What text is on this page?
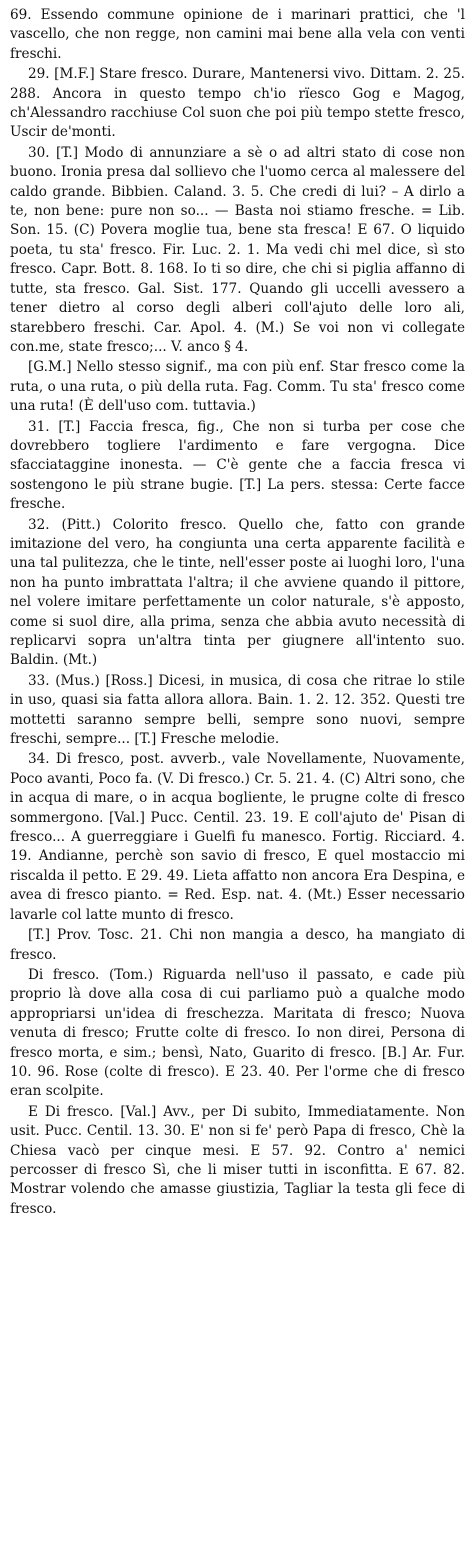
69. Essendo commune opinione de i marinari prattici, che 'l vascello, che non regge, non camini mai bene alla vela con venti freschi.

29. [M.F.] Stare fresco. Durare, Mantenersi vivo. Dittam. 2. 25. 288. Ancora in questo tempo ch'io rïesco Gog e Magog, ch'Alessandro racchiuse Col suon che poi più tempo stette fresco, Uscir de'monti.

30. [T.] Modo di annunziare a sè o ad altri stato di cose non buono. Ironia presa dal sollievo che l'uomo cerca al malessere del caldo grande. Bibbien. Caland. 3. 5. Che credi di lui? – A dirlo a te, non bene: pure non so... — Basta noi stiamo fresche. = Lib. Son. 15. (C) Povera moglie tua, bene sta fresca! E 67. O liquido poeta, tu sta' fresco. Fir. Luc. 2. 1. Ma vedi chi mel dice, sì sto fresco. Capr. Bott. 8. 168. Io ti so dire, che chi si piglia affanno di tutte, sta fresco. Gal. Sist. 177. Quando gli uccelli avessero a tener dietro al corso degli alberi coll'ajuto delle loro ali, starebbero freschi. Car. Apol. 4. (M.) Se voi non vi collegate con.me, state fresco;... V. anco § 4.

[G.M.] Nello stesso signif., ma con più enf. Star fresco come la ruta, o una ruta, o più della ruta. Fag. Comm. Tu sta' fresco come una ruta! (È dell'uso com. tuttavia.)

31. [T.] Faccia fresca, fig., Che non si turba per cose che dovrebbero togliere l'ardimento e fare vergogna. Dice sfacciataggine inonesta. — C'è gente che a faccia fresca vi sostengono le più strane bugie. [T.] La pers. stessa: Certe facce fresche.

32. (Pitt.) Colorito fresco. Quello che, fatto con grande imitazione del vero, ha congiunta una certa apparente facilità e una tal pulitezza, che le tinte, nell'esser poste ai luoghi loro, l'una non ha punto imbrattata l'altra; il che avviene quando il pittore, nel volere imitare perfettamente un color naturale, s'è apposto, come si suol dire, alla prima, senza che abbia avuto necessità di replicarvi sopra un'altra tinta per giugnere all'intento suo. Baldin. (Mt.)

33. (Mus.) [Ross.] Dicesi, in musica, di cosa che ritrae lo stile in uso, quasi sia fatta allora allora. Bain. 1. 2. 12. 352. Questi tre mottetti saranno sempre belli, sempre sono nuovi, sempre freschi, sempre... [T.] Fresche melodie.

34. Di fresco, post. avverb., vale Novellamente, Nuovamente, Poco avanti, Poco fa. (V. Di fresco.) Cr. 5. 21. 4. (C) Altri sono, che in acqua di mare, o in acqua bogliente, le prugne colte di fresco sommergono. [Val.] Pucc. Centil. 23. 19. E coll'ajuto de' Pisan di fresco... A guerreggiare i Guelfi fu manesco. Fortig. Ricciard. 4. 19. Andianne, perchè son savio di fresco, E quel mostaccio mi riscalda il petto. E 29. 49. Lieta affatto non ancora Era Despina, e avea di fresco pianto. = Red. Esp. nat. 4. (Mt.) Esser necessario lavarle col latte munto di fresco.

[T.] Prov. Tosc. 21. Chi non mangia a desco, ha mangiato di fresco.

Di fresco. (Tom.) Riguarda nell'uso il passato, e cade più proprio là dove alla cosa di cui parliamo può a qualche modo appropriarsi un'idea di freschezza. Maritata di fresco; Nuova venuta di fresco; Frutte colte di fresco. Io non direi, Persona di fresco morta, e sim.; bensì, Nato, Guarito di fresco. [B.] Ar. Fur. 10. 96. Rose (colte di fresco). E 23. 40. Per l'orme che di fresco eran scolpite.

E Di fresco. [Val.] Avv., per Di subito, Immediatamente. Non usit. Pucc. Centil. 13. 30. E' non si fe' però Papa di fresco, Chè la Chiesa vacò per cinque mesi. E 57. 92. Contro a' nemici percosser di fresco Sì, che li miser tutti in isconfitta. E 67. 82. Mostrar volendo che amasse giustizia, Tagliar la testa gli fece di fresco.
